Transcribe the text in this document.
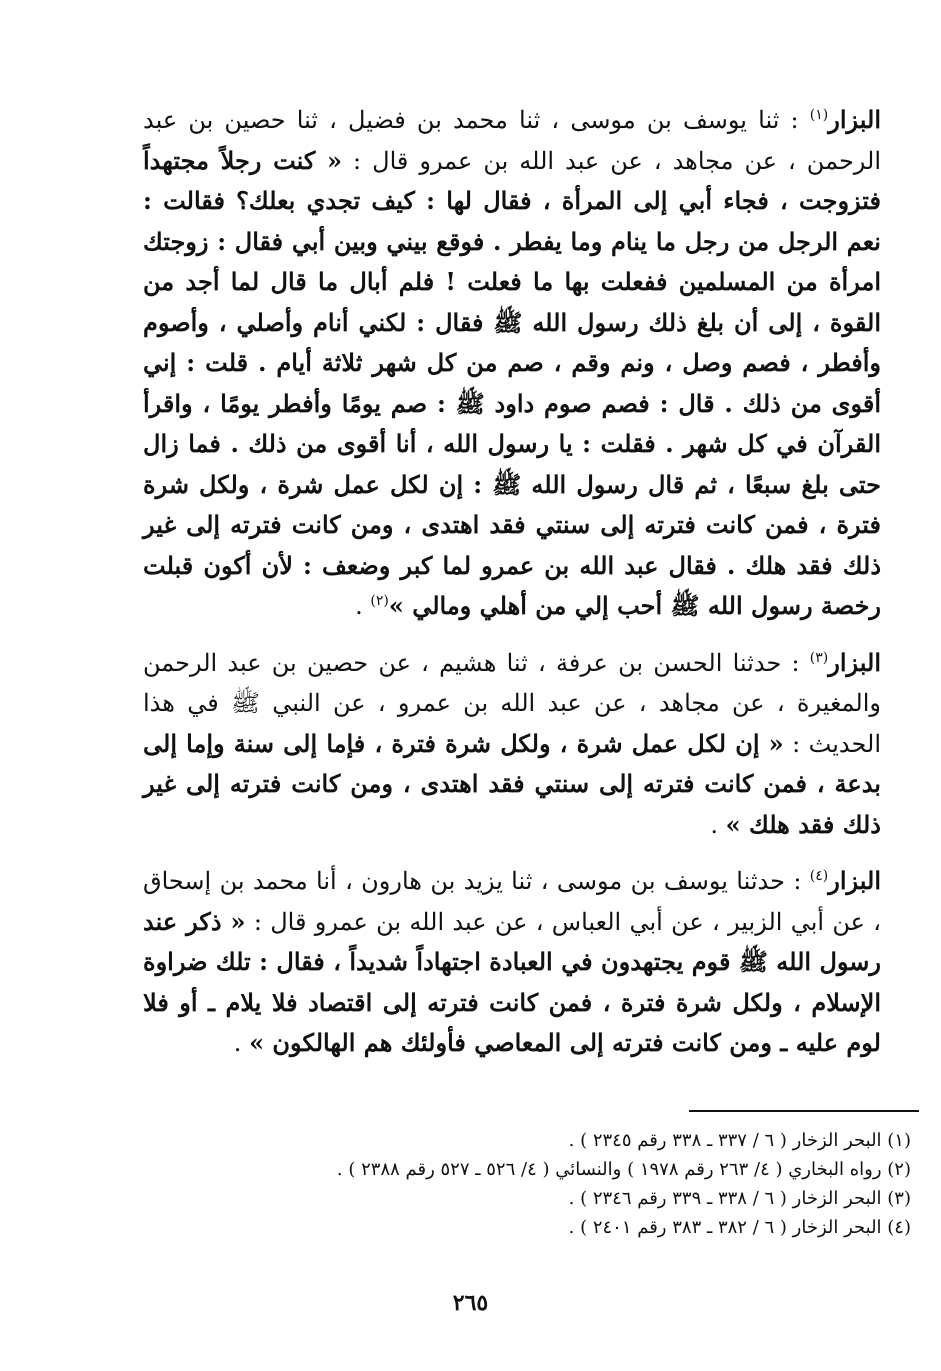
البزار$^{(١)}$ : ثنا يوسف بن موسى ، ثنا محمد بن فضيل ، ثنا حصين بن عبد الرحمن ، عن مجاهد ، عن عبد الله بن عمرو قال : « كنت رجلاً مجتهداً فتزوجت ، فجاء أبي إلى المرأة ، فقال لها : كيف تجدي بعلك؟ فقالت : نعم الرجل من رجل ما ينام وما يفطر . فوقع بيني وبين أبي فقال : زوجتك امرأة من المسلمين ففعلت بها ما فعلت ! فلم أبال ما قال لما أجد من القوة ، إلى أن بلغ ذلك رسول الله ﷺ فقال : لكني أنام وأصلي ، وأصوم وأفطر ، فصم وصل ، ونم وقم ، صم من كل شهر ثلاثة أيام . قلت : إني أقوى من ذلك . قال : فصم صوم داود ﷺ : صم يومًا وأفطر يومًا ، واقرأ القرآن في كل شهر . فقلت : يا رسول الله ، أنا أقوى من ذلك . فما زال حتى بلغ سبعًا ، ثم قال رسول الله ﷺ : إن لكل عمل شرة ، ولكل شرة فترة ، فمن كانت فترته إلى سنتي فقد اهتدى ، ومن كانت فترته إلى غير ذلك فقد هلك . فقال عبد الله بن عمرو لما كبر وضعف : لأن أكون قبلت رخصة رسول الله ﷺ أحب إلي من أهلي ومالي »$^{(٢)}$ .

البزار$^{(٣)}$ : حدثنا الحسن بن عرفة ، ثنا هشيم ، عن حصين بن عبد الرحمن والمغيرة ، عن مجاهد ، عن عبد الله بن عمرو ، عن النبي ﷺ في هذا الحديث : « إن لكل عمل شرة ، ولكل شرة فترة ، فإما إلى سنة وإما إلى بدعة ، فمن كانت فترته إلى سنتي فقد اهتدى ، ومن كانت فترته إلى غير ذلك فقد هلك » .

البزار$^{(٤)}$ : حدثنا يوسف بن موسى ، ثنا يزيد بن هارون ، أنا محمد بن إسحاق ، عن أبي الزبير ، عن أبي العباس ، عن عبد الله بن عمرو قال : « ذكر عند رسول الله ﷺ قوم يجتهدون في العبادة اجتهاداً شديداً ، فقال : تلك ضراوة الإسلام ، ولكل شرة فترة ، فمن كانت فترته إلى اقتصاد فلا يلام ـ أو فلا لوم عليه ـ ومن كانت فترته إلى المعاصي فأولئك هم الهالكون » .

(١) البحر الزخار ( ٦ / ٣٣٧ ـ ٣٣٨ رقم ٢٣٤٥ ) .

(٢) رواه البخاري ( ٤/ ٢٦٣ رقم ١٩٧٨ ) والنسائي ( ٤/ ٥٢٦ ـ ٥٢٧ رقم ٢٣٨٨ ) .

(٣) البحر الزخار ( ٦ / ٣٣٨ ـ ٣٣٩ رقم ٢٣٤٦ ) .

(٤) البحر الزخار ( ٦ / ٣٨٢ ـ ٣٨٣ رقم ٢٤٠١ ) .

٢٦٥
